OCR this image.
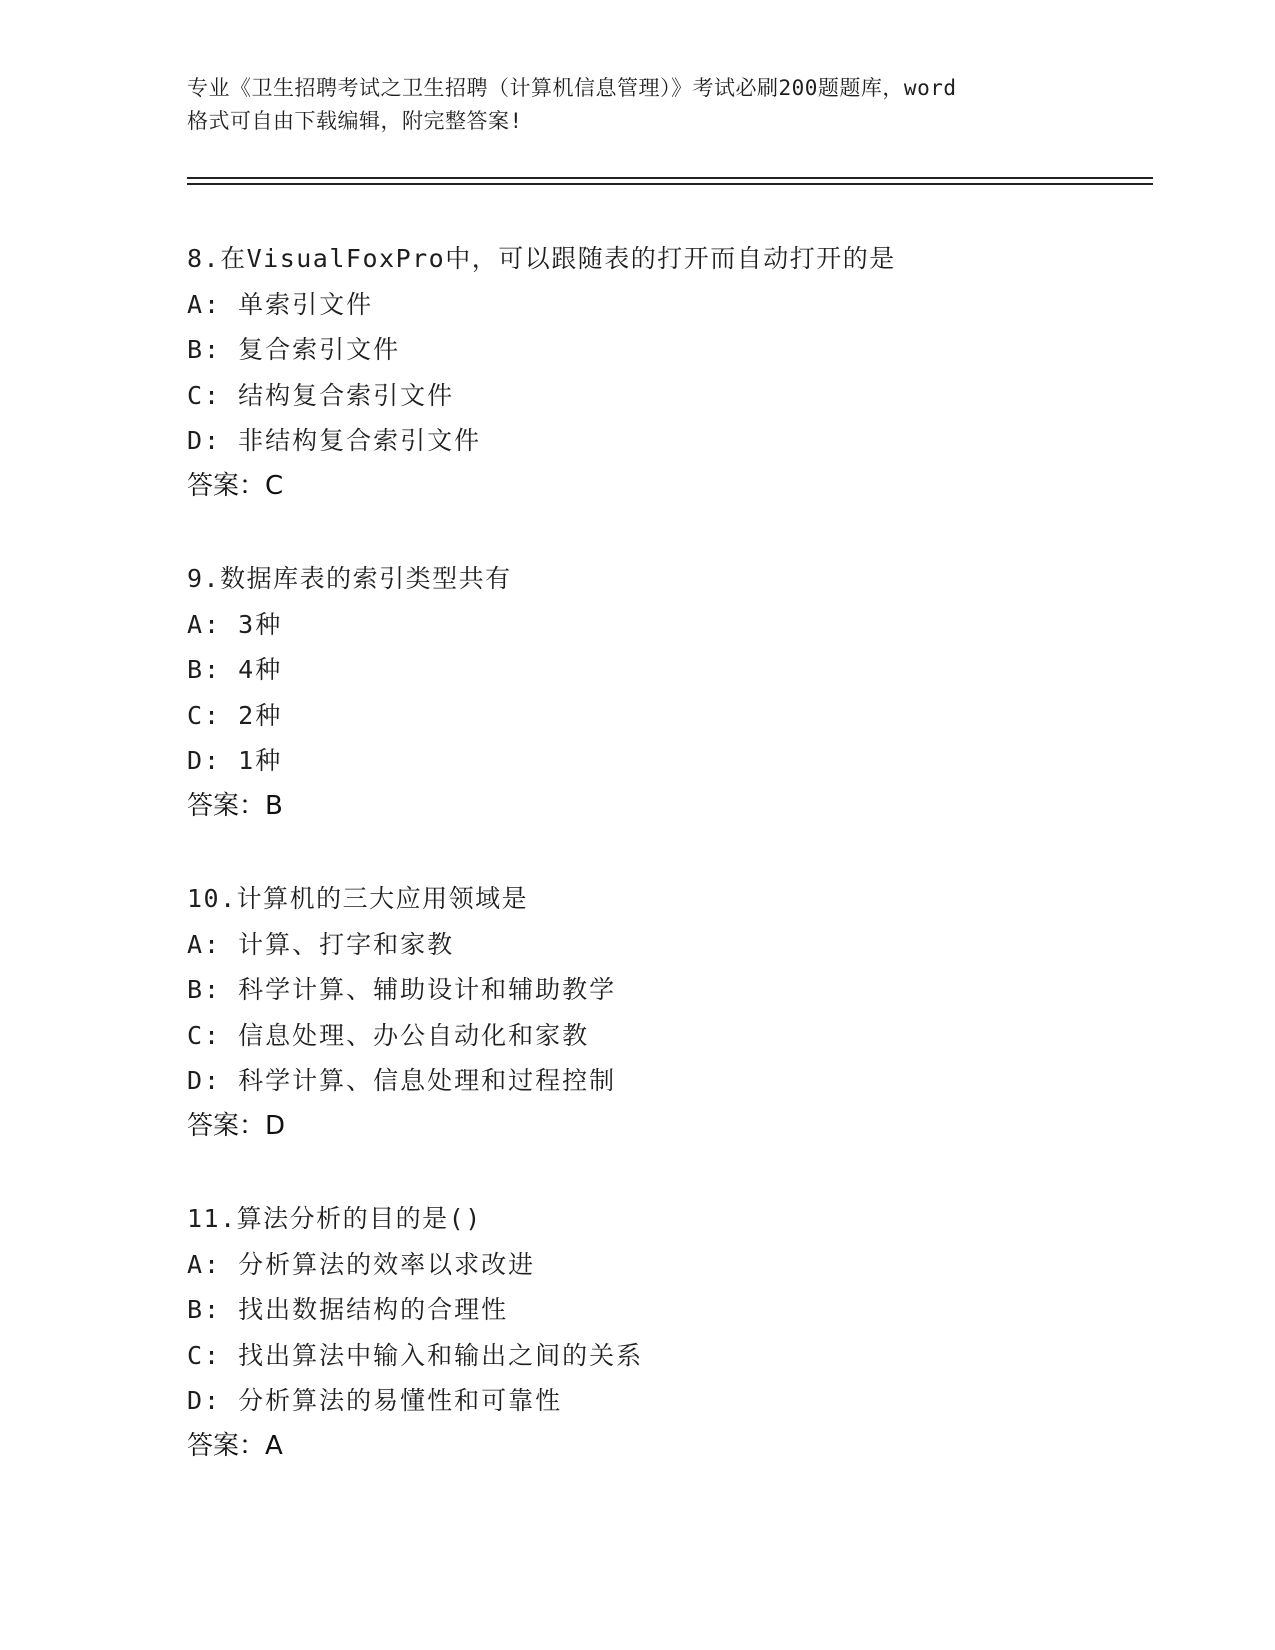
专业《卫生招聘考试之卫生招聘（计算机信息管理）》考试必刷200题题库，word
格式可自由下载编辑，附完整答案!
8.在VisualFoxPro中，可以跟随表的打开而自动打开的是
A: 单索引文件
B: 复合索引文件
C: 结构复合索引文件
D: 非结构复合索引文件
答案：C
9.数据库表的索引类型共有
A: 3种
B: 4种
C: 2种
D: 1种
答案：B
10.计算机的三大应用领域是
A: 计算、打字和家教
B: 科学计算、辅助设计和辅助教学
C: 信息处理、办公自动化和家教
D: 科学计算、信息处理和过程控制
答案：D
11.算法分析的目的是()
A: 分析算法的效率以求改进
B: 找出数据结构的合理性
C: 找出算法中输入和输出之间的关系
D: 分析算法的易懂性和可靠性
答案：A
